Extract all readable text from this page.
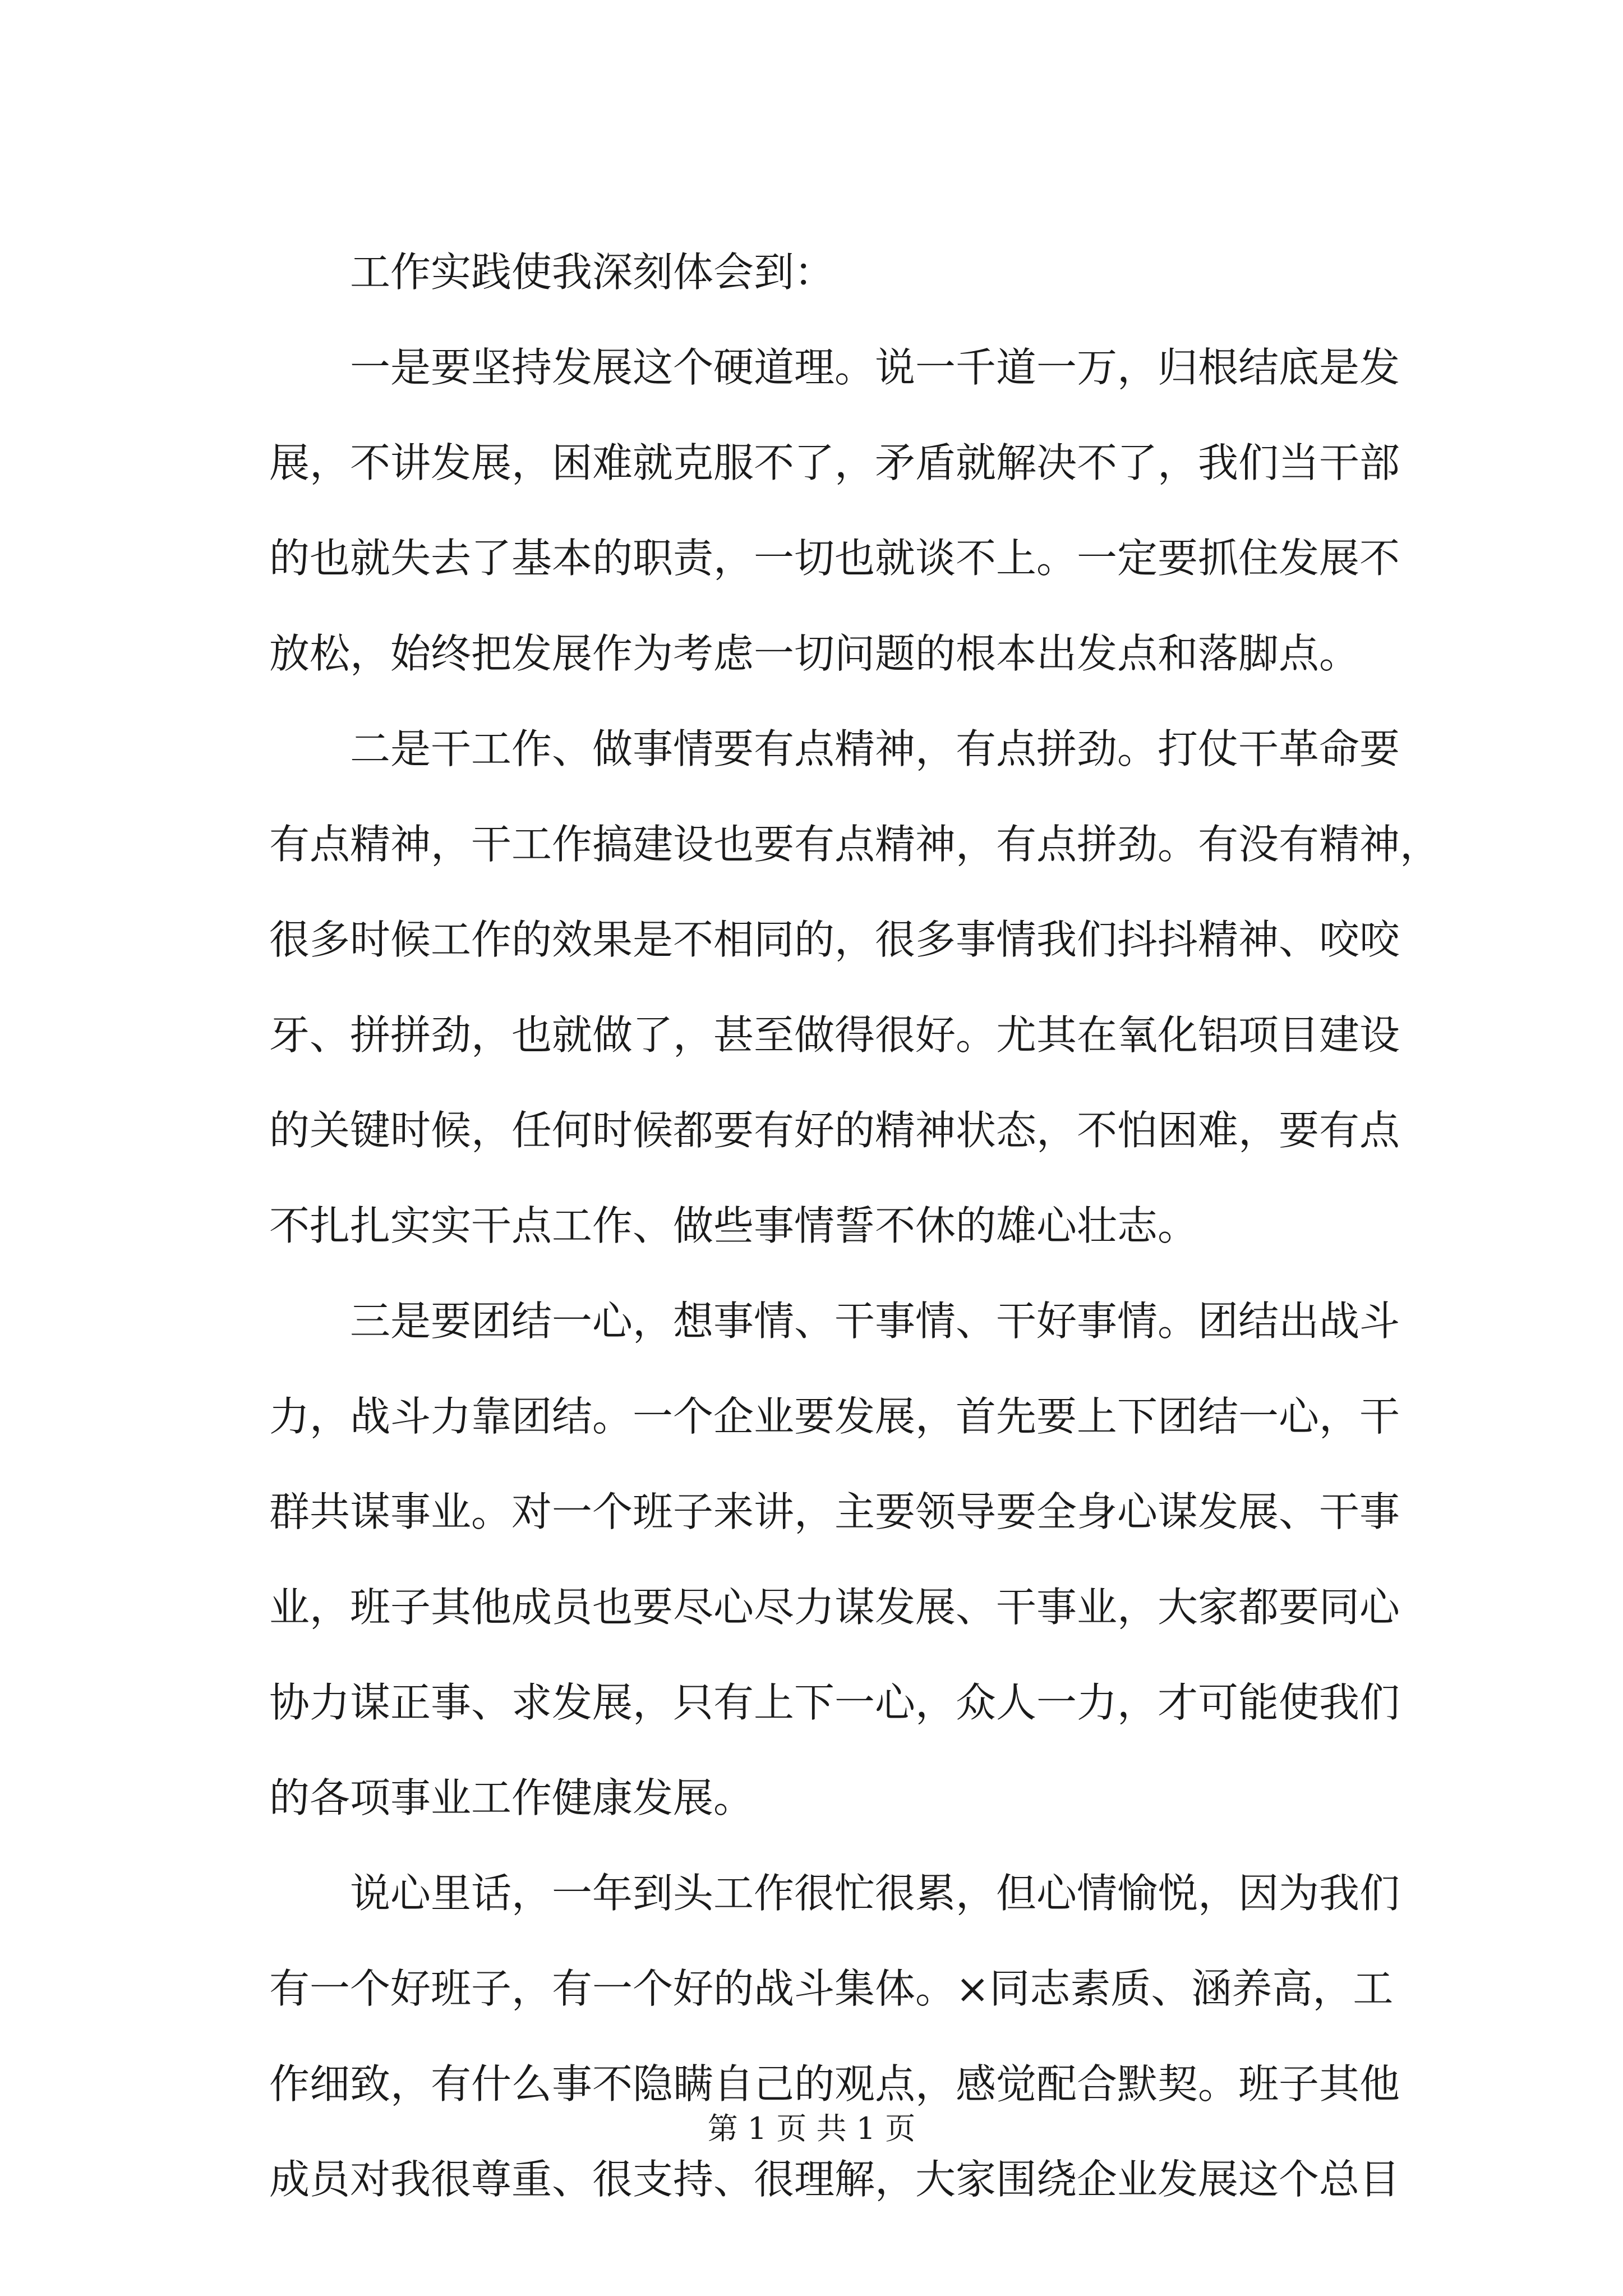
　　工作实践使我深刻体会到：
　　一是要坚持发展这个硬道理。说一千道一万，归根结底是发
展，不讲发展，困难就克服不了，矛盾就解决不了，我们当干部
的也就失去了基本的职责，一切也就谈不上。一定要抓住发展不
放松，始终把发展作为考虑一切问题的根本出发点和落脚点。
　　二是干工作、做事情要有点精神，有点拼劲。打仗干革命要
有点精神，干工作搞建设也要有点精神，有点拼劲。有没有精神，
很多时候工作的效果是不相同的，很多事情我们抖抖精神、咬咬
牙、拼拼劲，也就做了，甚至做得很好。尤其在氧化铝项目建设
的关键时候，任何时候都要有好的精神状态，不怕困难，要有点
不扎扎实实干点工作、做些事情誓不休的雄心壮志。
　　三是要团结一心，想事情、干事情、干好事情。团结出战斗
力，战斗力靠团结。一个企业要发展，首先要上下团结一心，干
群共谋事业。对一个班子来讲，主要领导要全身心谋发展、干事
业，班子其他成员也要尽心尽力谋发展、干事业，大家都要同心
协力谋正事、求发展，只有上下一心，众人一力，才可能使我们
的各项事业工作健康发展。
　　说心里话，一年到头工作很忙很累，但心情愉悦，因为我们
有一个好班子，有一个好的战斗集体。×同志素质、涵养高，工
作细致，有什么事不隐瞒自己的观点，感觉配合默契。班子其他
成员对我很尊重、很支持、很理解，大家围绕企业发展这个总目
第 1 页 共 1 页
